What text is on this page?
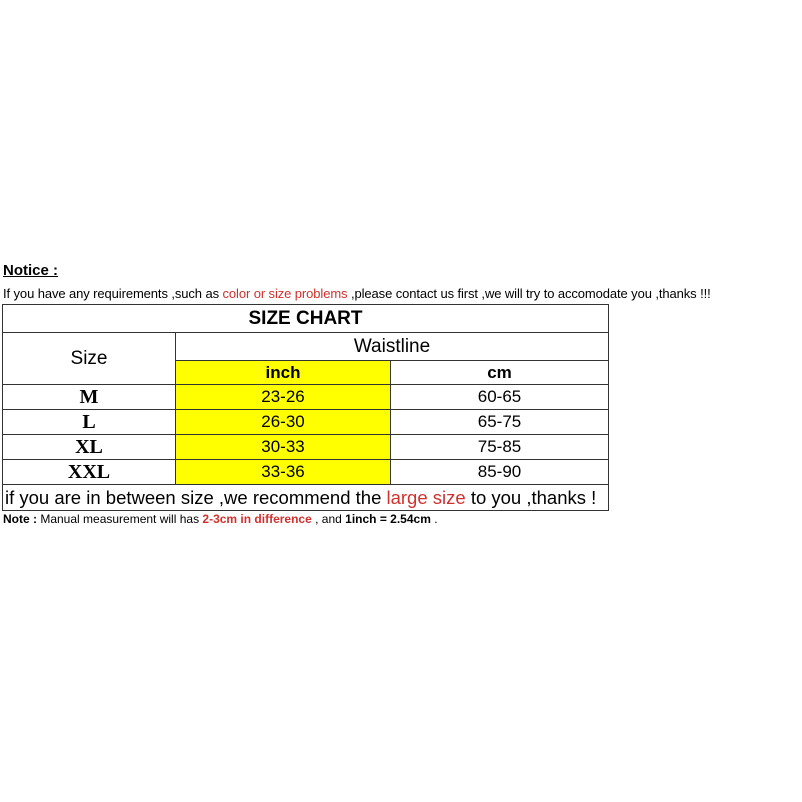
Notice :
If you have any requirements ,such as color or size problems ,please contact us first ,we will try to accomodate you ,thanks !!!
SIZE CHART		
Size	Waistline	
	inch	cm
M	23-26	60-65
L	26-30	65-75
XL	30-33	75-85
XXL	33-36	85-90
if you are in between size ,we recommend the large size to you ,thanks !		
Note : Manual measurement will has 2-3cm in difference , and 1inch = 2.54cm .
